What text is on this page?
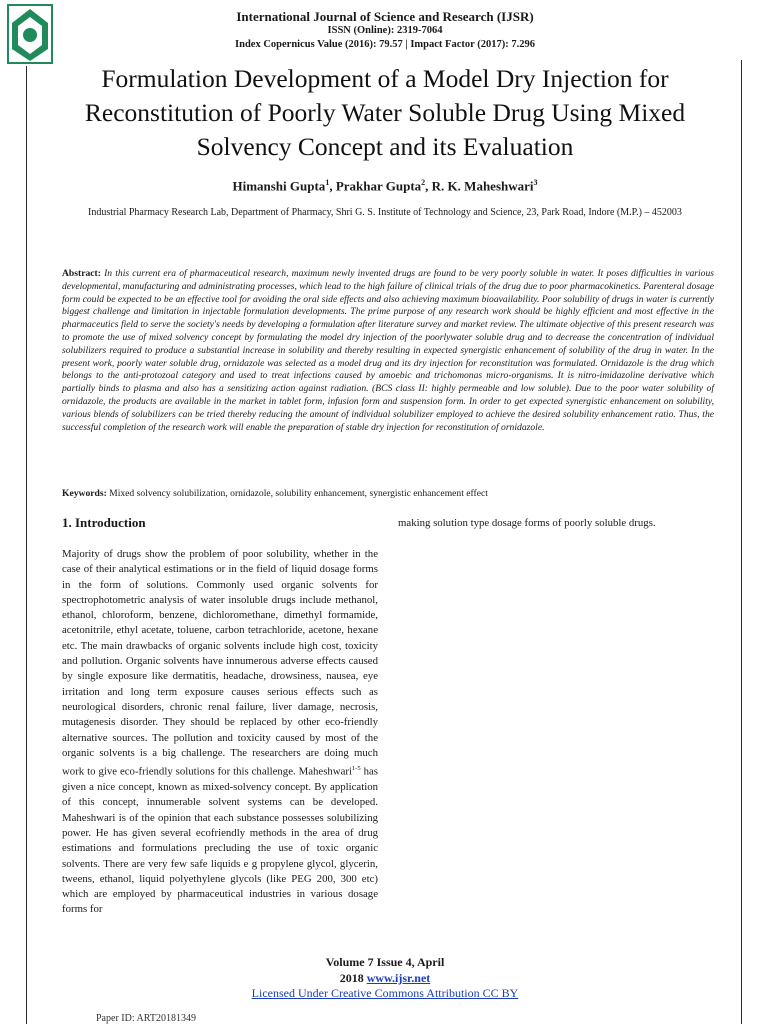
International Journal of Science and Research (IJSR)
ISSN (Online): 2319-7064
Index Copernicus Value (2016): 79.57 | Impact Factor (2017): 7.296
Formulation Development of a Model Dry Injection for Reconstitution of Poorly Water Soluble Drug Using Mixed Solvency Concept and its Evaluation
Himanshi Gupta$^1$, Prakhar Gupta$^2$, R. K. Maheshwari$^3$
Industrial Pharmacy Research Lab, Department of Pharmacy, Shri G. S. Institute of Technology and Science, 23, Park Road, Indore (M.P.) – 452003
Abstract: In this current era of pharmaceutical research, maximum newly invented drugs are found to be very poorly soluble in water. It poses difficulties in various developmental, manufacturing and administrating processes, which lead to the high failure of clinical trials of the drug due to poor pharmacokinetics. Parenteral dosage form could be expected to be an effective tool for avoiding the oral side effects and also achieving maximum bioavailability. Poor solubility of drugs in water is currently biggest challenge and limitation in injectable formulation developments. The prime purpose of any research work should be highly efficient and most effective in the pharmaceutics field to serve the society's needs by developing a formulation after literature survey and market review. The ultimate objective of this present research was to promote the use of mixed solvency concept by formulating the model dry injection of the poorlywater soluble drug and to decrease the concentration of individual solubilizers required to produce a substantial increase in solubility and thereby resulting in expected synergistic enhancement of solubility of the drug in water. In the present work, poorly water soluble drug, ornidazole was selected as a model drug and its dry injection for reconstitution was formulated. Ornidazole is the drug which belongs to the anti-protozoal category and used to treat infections caused by amoebic and trichomonas micro-organisms. It is nitro-imidazoline derivative which partially binds to plasma and also has a sensitizing action against radiation. (BCS class II: highly permeable and low soluble). Due to the poor water solubility of ornidazole, the products are available in the market in tablet form, infusion form and suspension form. In order to get expected synergistic enhancement on solubility, various blends of solubilizers can be tried thereby reducing the amount of individual solubilizer employed to achieve the desired solubility enhancement ratio. Thus, the successful completion of the research work will enable the preparation of stable dry injection for reconstitution of ornidazole.
Keywords: Mixed solvency solubilization, ornidazole, solubility enhancement, synergistic enhancement effect
1. Introduction
Majority of drugs show the problem of poor solubility, whether in the case of their analytical estimations or in the field of liquid dosage forms in the form of solutions. Commonly used organic solvents for spectrophotometric analysis of water insoluble drugs include methanol, ethanol, chloroform, benzene, dichloromethane, dimethyl formamide, acetonitrile, ethyl acetate, toluene, carbon tetrachloride, acetone, hexane etc. The main drawbacks of organic solvents include high cost, toxicity and pollution. Organic solvents have innumerous adverse effects caused by single exposure like dermatitis, headache, drowsiness, nausea, eye irritation and long term exposure causes serious effects such as neurological disorders, chronic renal failure, liver damage, necrosis, mutagenesis disorder. They should be replaced by other eco-friendly alternative sources. The pollution and toxicity caused by most of the organic solvents is a big challenge. The researchers are doing much work to give eco-friendly solutions for this challenge. Maheshwari$^{1-5}$ has given a nice concept, known as mixed-solvency concept. By application of this concept, innumerable solvent systems can be developed. Maheshwari is of the opinion that each substance possesses solubilizing power. He has given several ecofriendly methods in the area of drug estimations and formulations precluding the use of toxic organic solvents. There are very few safe liquids e g propylene glycol, glycerin, tweens, ethanol, liquid polyethylene glycols (like PEG 200, 300 etc) which are employed by pharmaceutical industries in various dosage forms for
making solution type dosage forms of poorly soluble drugs.
Volume 7 Issue 4, April
2018 www.ijsr.net
Licensed Under Creative Commons Attribution CC BY
Paper ID: ART20181349
